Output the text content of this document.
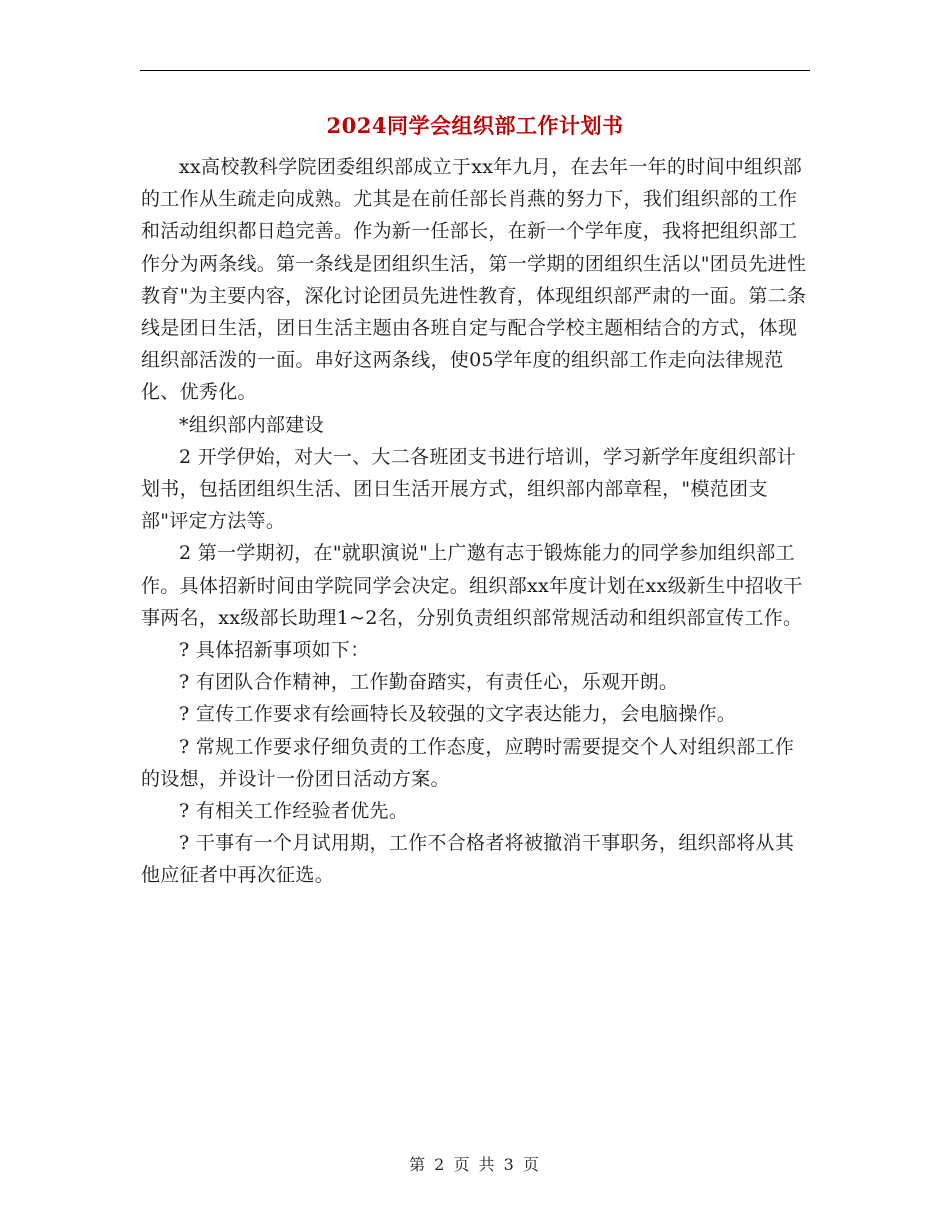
2024同学会组织部工作计划书

xx高校教科学院团委组织部成立于xx年九月，在去年一年的时间中组织部的工作从生疏走向成熟。尤其是在前任部长肖燕的努力下，我们组织部的工作和活动组织都日趋完善。作为新一任部长，在新一个学年度，我将把组织部工作分为两条线。第一条线是团组织生活，第一学期的团组织生活以"团员先进性教育"为主要内容，深化讨论团员先进性教育，体现组织部严肃的一面。第二条线是团日生活，团日生活主题由各班自定与配合学校主题相结合的方式，体现组织部活泼的一面。串好这两条线，使05学年度的组织部工作走向法律规范化、优秀化。

*组织部内部建设

2 开学伊始，对大一、大二各班团支书进行培训，学习新学年度组织部计划书，包括团组织生活、团日生活开展方式，组织部内部章程，"模范团支部"评定方法等。

2 第一学期初，在"就职演说"上广邀有志于锻炼能力的同学参加组织部工作。具体招新时间由学院同学会决定。组织部xx年度计划在xx级新生中招收干事两名，xx级部长助理1~2名，分别负责组织部常规活动和组织部宣传工作。

? 具体招新事项如下：

? 有团队合作精神，工作勤奋踏实，有责任心，乐观开朗。

? 宣传工作要求有绘画特长及较强的文字表达能力，会电脑操作。

? 常规工作要求仔细负责的工作态度，应聘时需要提交个人对组织部工作的设想，并设计一份团日活动方案。

? 有相关工作经验者优先。

? 干事有一个月试用期，工作不合格者将被撤消干事职务，组织部将从其他应征者中再次征选。

第 2 页 共 3 页
